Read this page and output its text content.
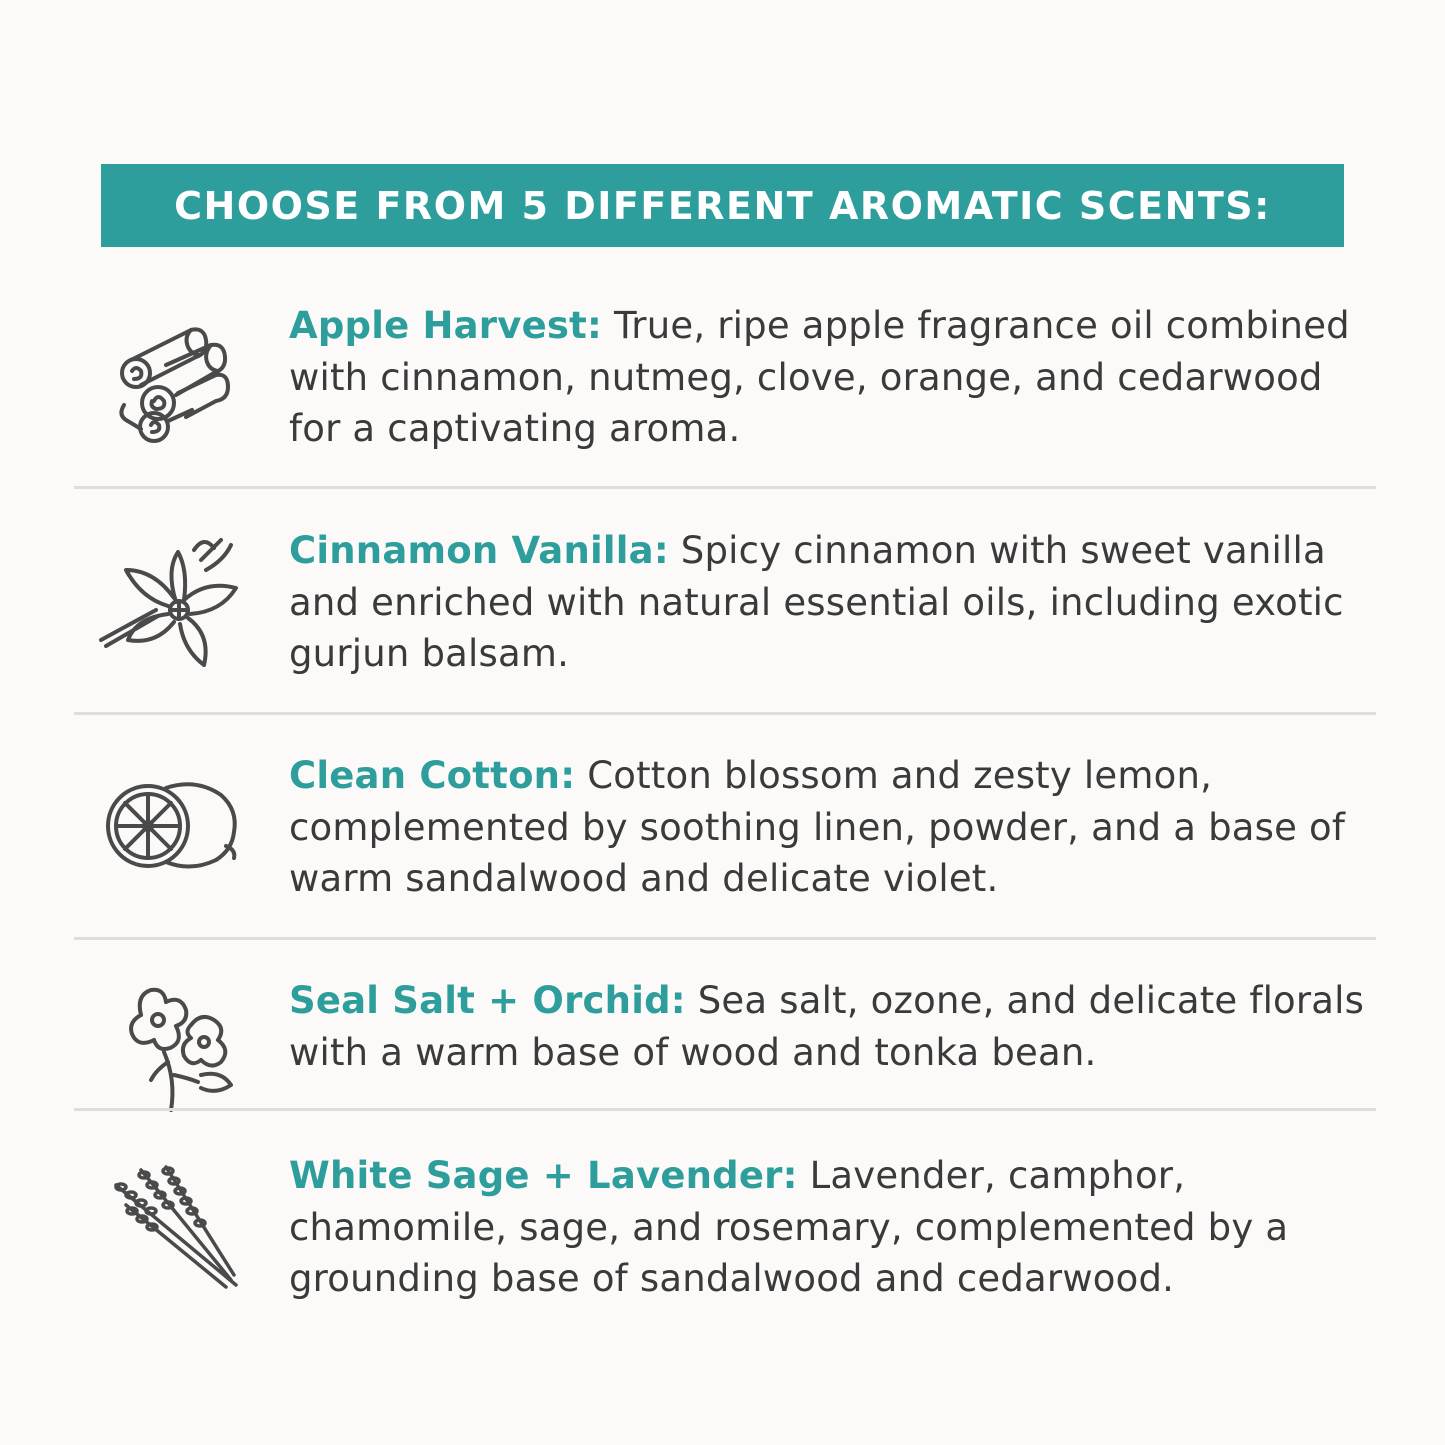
CHOOSE FROM 5 DIFFERENT AROMATIC SCENTS:
Apple Harvest: True, ripe apple fragrance oil combined with cinnamon, nutmeg, clove, orange, and cedarwood for a captivating aroma.
Cinnamon Vanilla: Spicy cinnamon with sweet vanilla and enriched with natural essential oils, including exotic gurjun balsam.
Clean Cotton: Cotton blossom and zesty lemon, complemented by soothing linen, powder, and a base of warm sandalwood and delicate violet.
Seal Salt + Orchid: Sea salt, ozone, and delicate florals with a warm base of wood and tonka bean.
White Sage + Lavender: Lavender, camphor, chamomile, sage, and rosemary, complemented by a grounding base of sandalwood and cedarwood.
